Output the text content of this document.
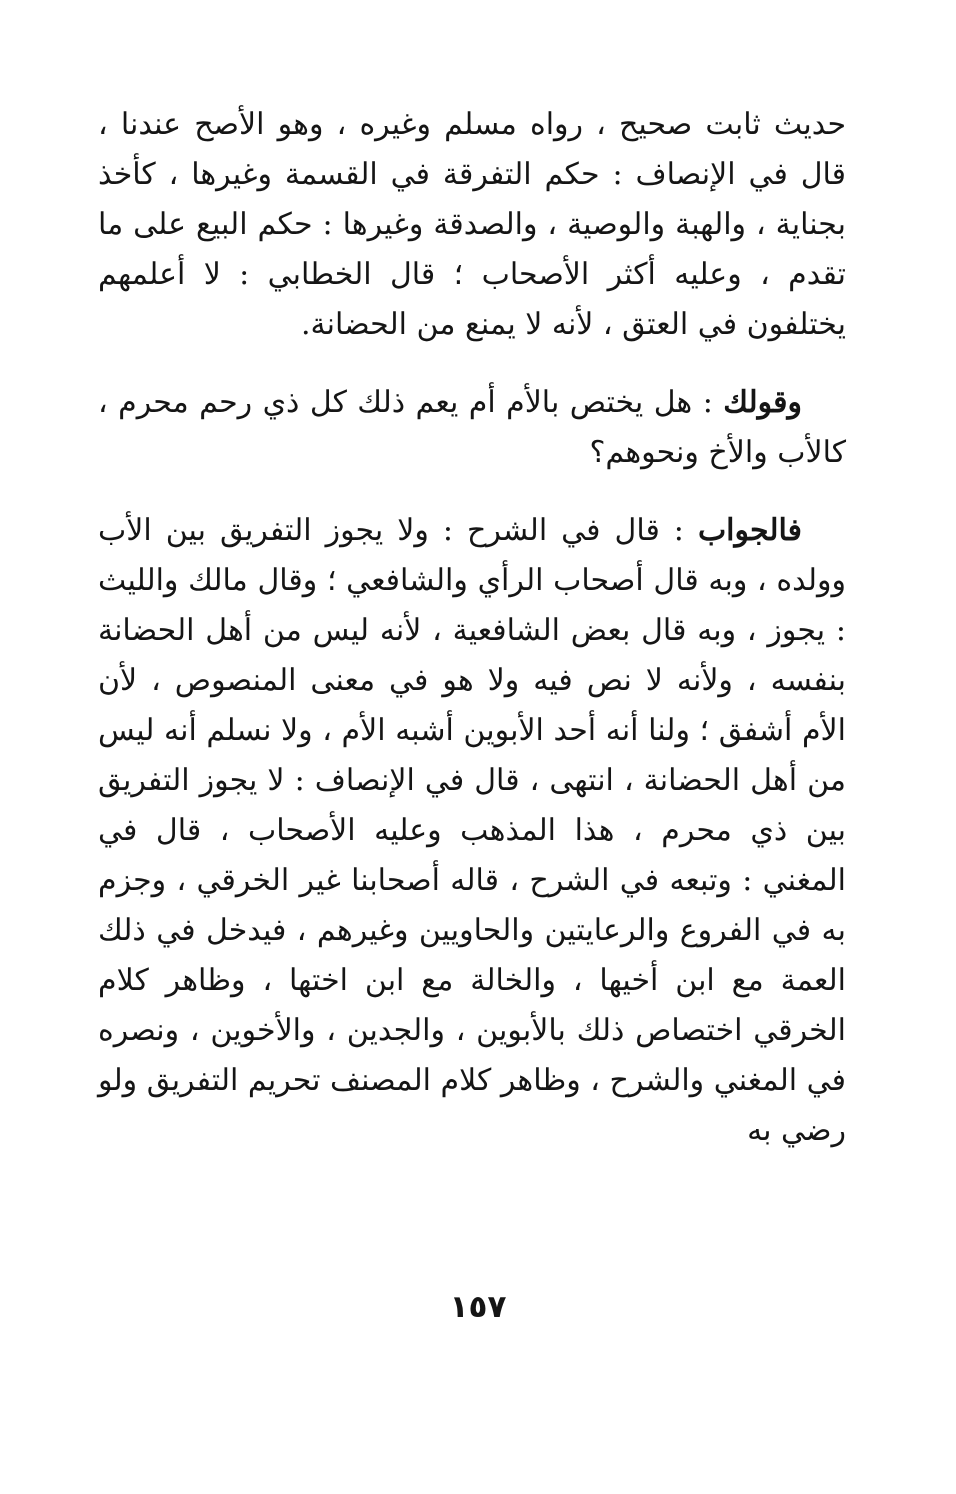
حديث ثابت صحيح ، رواه مسلم وغيره ، وهو الأصح عندنا ، قال في الإنصاف : حكم التفرقة في القسمة وغيرها ، كأخذ بجناية ، والهبة والوصية ، والصدقة وغيرها : حكم البيع على ما تقدم ، وعليه أكثر الأصحاب ؛ قال الخطابي : لا أعلمهم يختلفون في العتق ، لأنه لا يمنع من الحضانة.

وقولك : هل يختص بالأم أم يعم ذلك كل ذي رحم محرم ، كالأب والأخ ونحوهم؟

فالجواب : قال في الشرح : ولا يجوز التفريق بين الأب وولده ، وبه قال أصحاب الرأي والشافعي ؛ وقال مالك والليث : يجوز ، وبه قال بعض الشافعية ، لأنه ليس من أهل الحضانة بنفسه ، ولأنه لا نص فيه ولا هو في معنى المنصوص ، لأن الأم أشفق ؛ ولنا أنه أحد الأبوين أشبه الأم ، ولا نسلم أنه ليس من أهل الحضانة ، انتهى ، قال في الإنصاف : لا يجوز التفريق بين ذي محرم ، هذا المذهب وعليه الأصحاب ، قال في المغني : وتبعه في الشرح ، قاله أصحابنا غير الخرقي ، وجزم به في الفروع والرعايتين والحاويين وغيرهم ، فيدخل في ذلك العمة مع ابن أخيها ، والخالة مع ابن اختها ، وظاهر كلام الخرقي اختصاص ذلك بالأبوين ، والجدين ، والأخوين ، ونصره في المغني والشرح ، وظاهر كلام المصنف تحريم التفريق ولو رضي به

١٥٧
